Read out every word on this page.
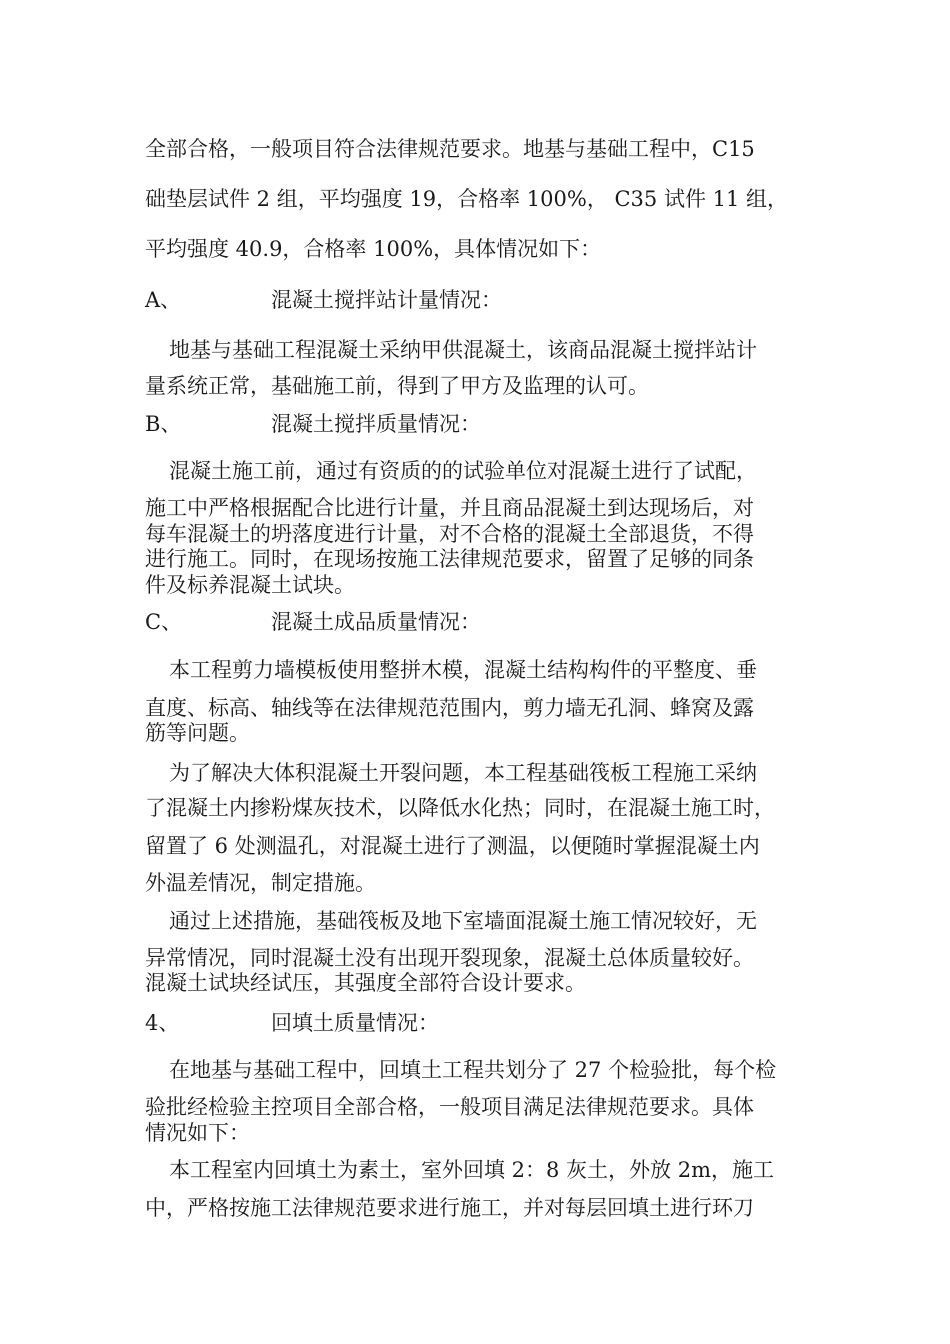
全部合格，一般项目符合法律规范要求。地基与基础工程中，C15
础垫层试件 2 组，平均强度 19，合格率 100%， C35 试件 11 组，
平均强度 40.9，合格率 100%，具体情况如下：
A、	混凝土搅拌站计量情况：
地基与基础工程混凝土采纳甲供混凝土，该商品混凝土搅拌站计
量系统正常，基础施工前，得到了甲方及监理的认可。
B、	混凝土搅拌质量情况：
混凝土施工前，通过有资质的的试验单位对混凝土进行了试配，
施工中严格根据配合比进行计量，并且商品混凝土到达现场后，对
每车混凝土的坍落度进行计量，对不合格的混凝土全部退货，不得
进行施工。同时，在现场按施工法律规范要求，留置了足够的同条
件及标养混凝土试块。
C、	混凝土成品质量情况：
本工程剪力墙模板使用整拼木模，混凝土结构构件的平整度、垂
直度、标高、轴线等在法律规范范围内，剪力墙无孔洞、蜂窝及露
筋等问题。
为了解决大体积混凝土开裂问题，本工程基础筏板工程施工采纳
了混凝土内掺粉煤灰技术，以降低水化热；同时，在混凝土施工时，
留置了 6 处测温孔，对混凝土进行了测温，以便随时掌握混凝土内
外温差情况，制定措施。
通过上述措施，基础筏板及地下室墙面混凝土施工情况较好，无
异常情况，同时混凝土没有出现开裂现象，混凝土总体质量较好。
混凝土试块经试压，其强度全部符合设计要求。
4、	回填土质量情况：
在地基与基础工程中，回填土工程共划分了 27 个检验批，每个检
验批经检验主控项目全部合格，一般项目满足法律规范要求。具体
情况如下：
本工程室内回填土为素土，室外回填 2：8 灰土，外放 2m，施工
中，严格按施工法律规范要求进行施工，并对每层回填土进行环刀
